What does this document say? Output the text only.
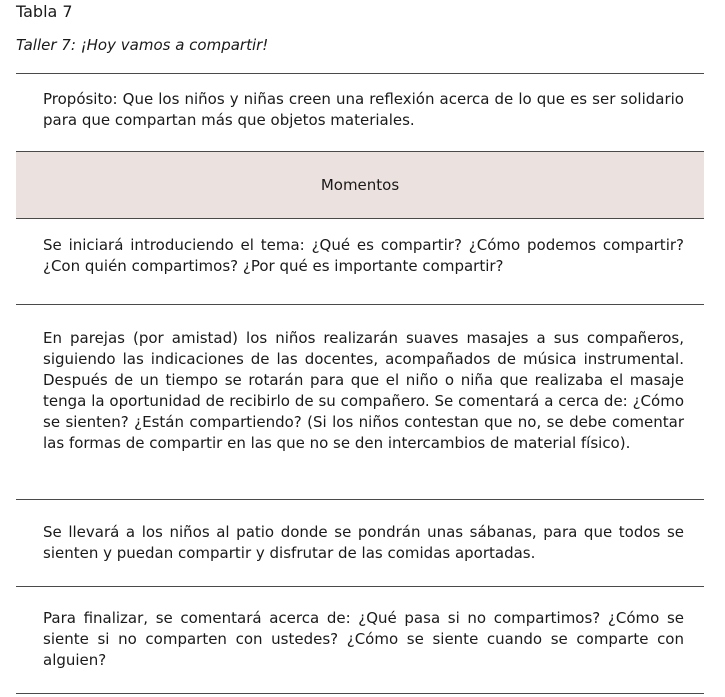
Tabla 7
Taller 7: ¡Hoy vamos a compartir!
Propósito: Que los niños y niñas creen una reflexión acerca de lo que es ser solidario para que compartan más que objetos materiales.
Momentos
Se iniciará introduciendo el tema: ¿Qué es compartir? ¿Cómo podemos compartir? ¿Con quién compartimos? ¿Por qué es importante compartir?
En parejas (por amistad) los niños realizarán suaves masajes a sus compañeros, siguiendo las indicaciones de las docentes, acompañados de música instrumental. Después de un tiempo se rotarán para que el niño o niña que realizaba el masaje tenga la oportunidad de recibirlo de su compañero. Se comentará a cerca de: ¿Cómo se sienten? ¿Están compartiendo? (Si los niños contestan que no, se debe comentar las formas de compartir en las que no se den intercambios de material físico).
Se llevará a los niños al patio donde se pondrán unas sábanas, para que todos se sienten y puedan compartir y disfrutar de las comidas aportadas.
Para finalizar, se comentará acerca de: ¿Qué pasa si no compartimos? ¿Cómo se siente si no comparten con ustedes? ¿Cómo se siente cuando se comparte con alguien?
